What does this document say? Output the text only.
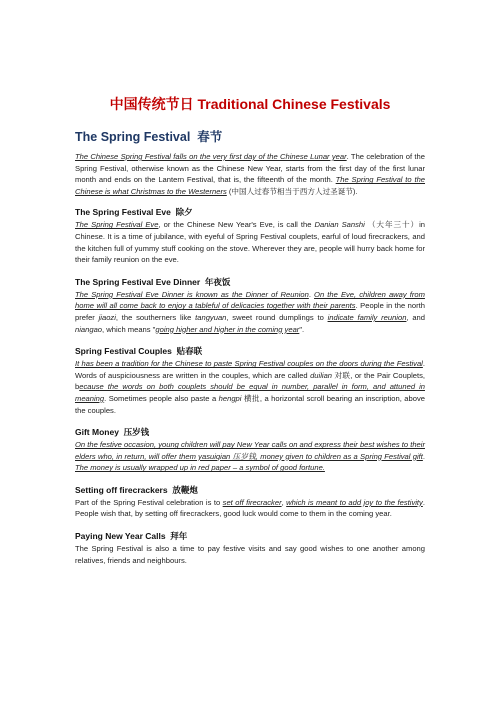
中国传统节日 Traditional Chinese Festivals
The Spring Festival 春节

The Chinese Spring Festival falls on the very first day of the Chinese Lunar year. The celebration of the Spring Festival, otherwise known as the Chinese New Year, starts from the first day of the first lunar month and ends on the Lantern Festival, that is, the fifteenth of the month. The Spring Festival to the Chinese is what Christmas to the Westerners (中国人过春节相当于西方人过圣诞节).

The Spring Festival Eve 除夕

The Spring Festival Eve, or the Chinese New Year's Eve, is call the Danian Sanshi （大年三十）in Chinese. It is a time of jubilance, with eyeful of Spring Festival couplets, earful of loud firecrackers, and the kitchen full of yummy stuff cooking on the stove. Wherever they are, people will hurry back home for their family reunion on the eve.

The Spring Festival Eve Dinner 年夜饭

The Spring Festival Eve Dinner is known as the Dinner of Reunion. On the Eve, children away from home will all come back to enjoy a tableful of delicacies together with their parents. People in the north prefer jiaozi, the southerners like tangyuan, sweet round dumplings to indicate family reunion, and niangao, which means "going higher and higher in the coming year".

Spring Festival Couples 贴春联

It has been a tradition for the Chinese to paste Spring Festival couples on the doors during the Festival. Words of auspiciousness are written in the couples, which are called duilian 对联, or the Pair Couplets, because the words on both couplets should be equal in number, parallel in form, and attuned in meaning. Sometimes people also paste a hengpi 横批, a horizontal scroll bearing an inscription, above the couples.

Gift Money 压岁钱

On the festive occasion, young children will pay New Year calls on and express their best wishes to their elders who, in return, will offer them yasuiqian 压岁钱, money given to children as a Spring Festival gift. The money is usually wrapped up in red paper – a symbol of good fortune.

Setting off firecrackers 放鞭炮

Part of the Spring Festival celebration is to set off firecracker, which is meant to add joy to the festivity. People wish that, by setting off firecrackers, good luck would come to them in the coming year.

Paying New Year Calls 拜年

The Spring Festival is also a time to pay festive visits and say good wishes to one another among relatives, friends and neighbours.
